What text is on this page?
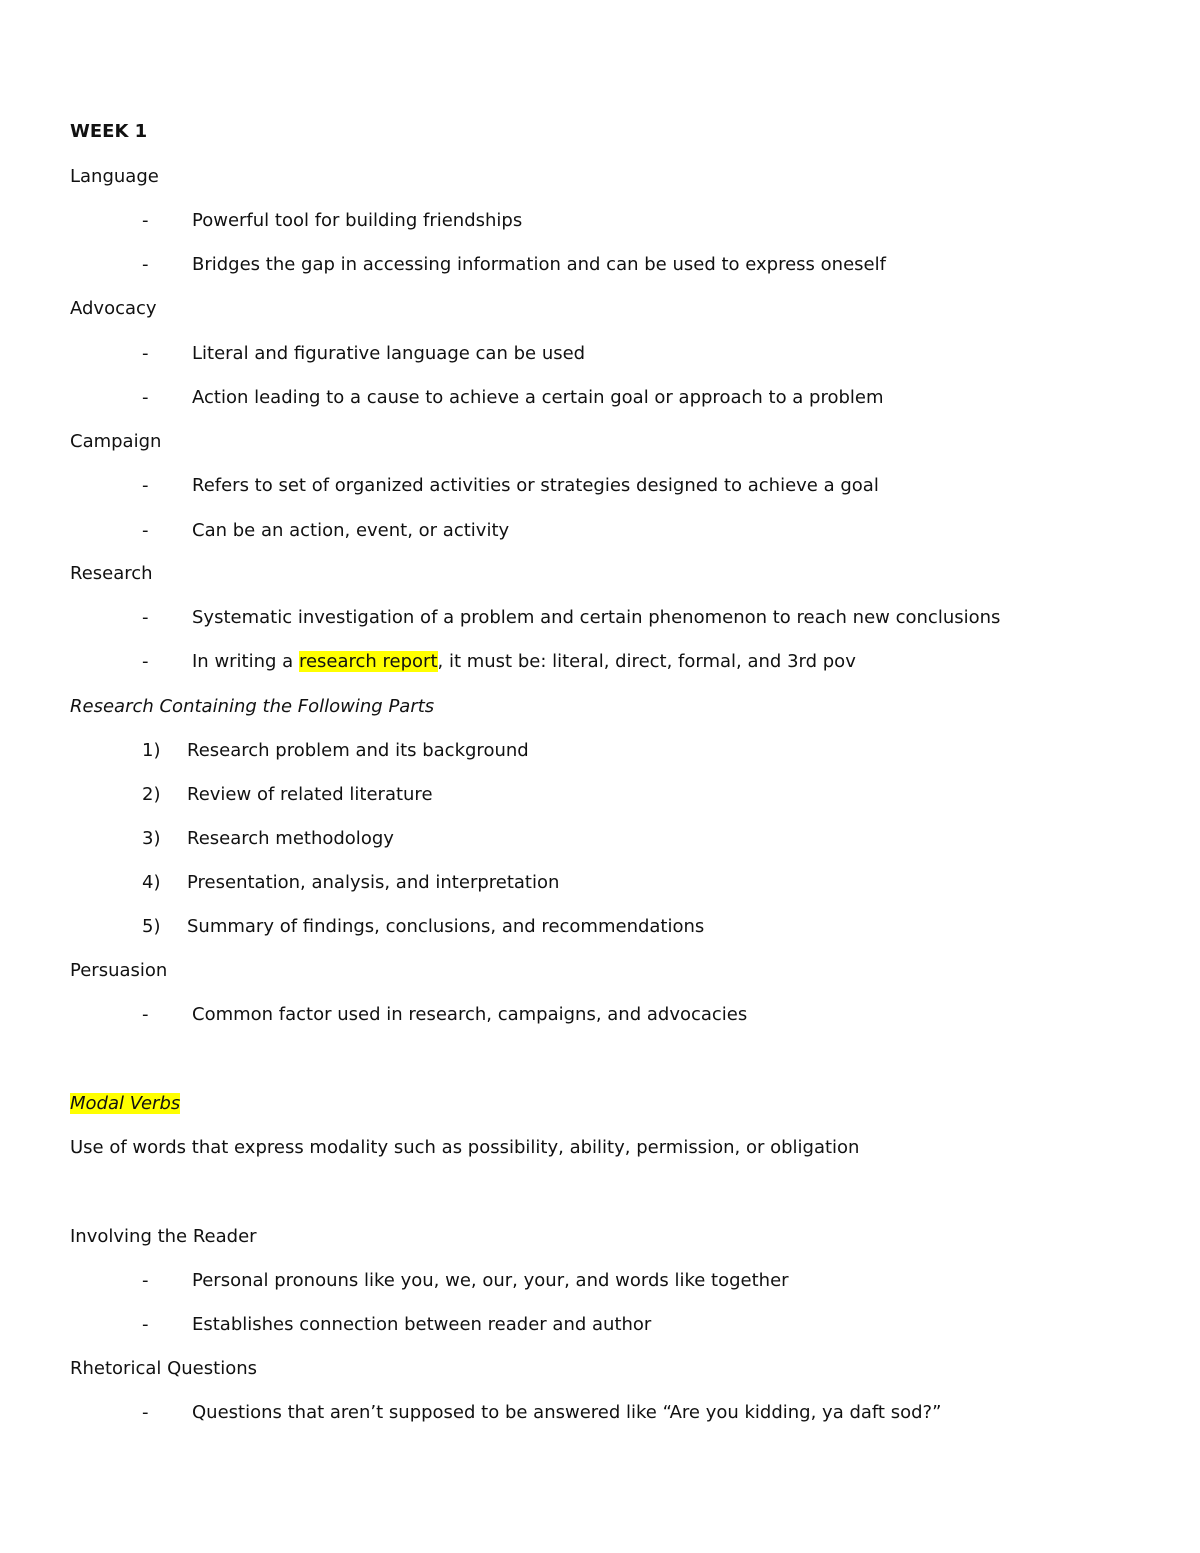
WEEK 1
Language
- Powerful tool for building friendships
- Bridges the gap in accessing information and can be used to express oneself
Advocacy
- Literal and figurative language can be used
- Action leading to a cause to achieve a certain goal or approach to a problem
Campaign
- Refers to set of organized activities or strategies designed to achieve a goal
- Can be an action, event, or activity
Research
- Systematic investigation of a problem and certain phenomenon to reach new conclusions
- In writing a research report, it must be: literal, direct, formal, and 3rd pov
Research Containing the Following Parts
1) Research problem and its background
2) Review of related literature
3) Research methodology
4) Presentation, analysis, and interpretation
5) Summary of findings, conclusions, and recommendations
Persuasion
- Common factor used in research, campaigns, and advocacies
Modal Verbs
Use of words that express modality such as possibility, ability, permission, or obligation
Involving the Reader
- Personal pronouns like you, we, our, your, and words like together
- Establishes connection between reader and author
Rhetorical Questions
- Questions that aren’t supposed to be answered like “Are you kidding, ya daft sod?”
